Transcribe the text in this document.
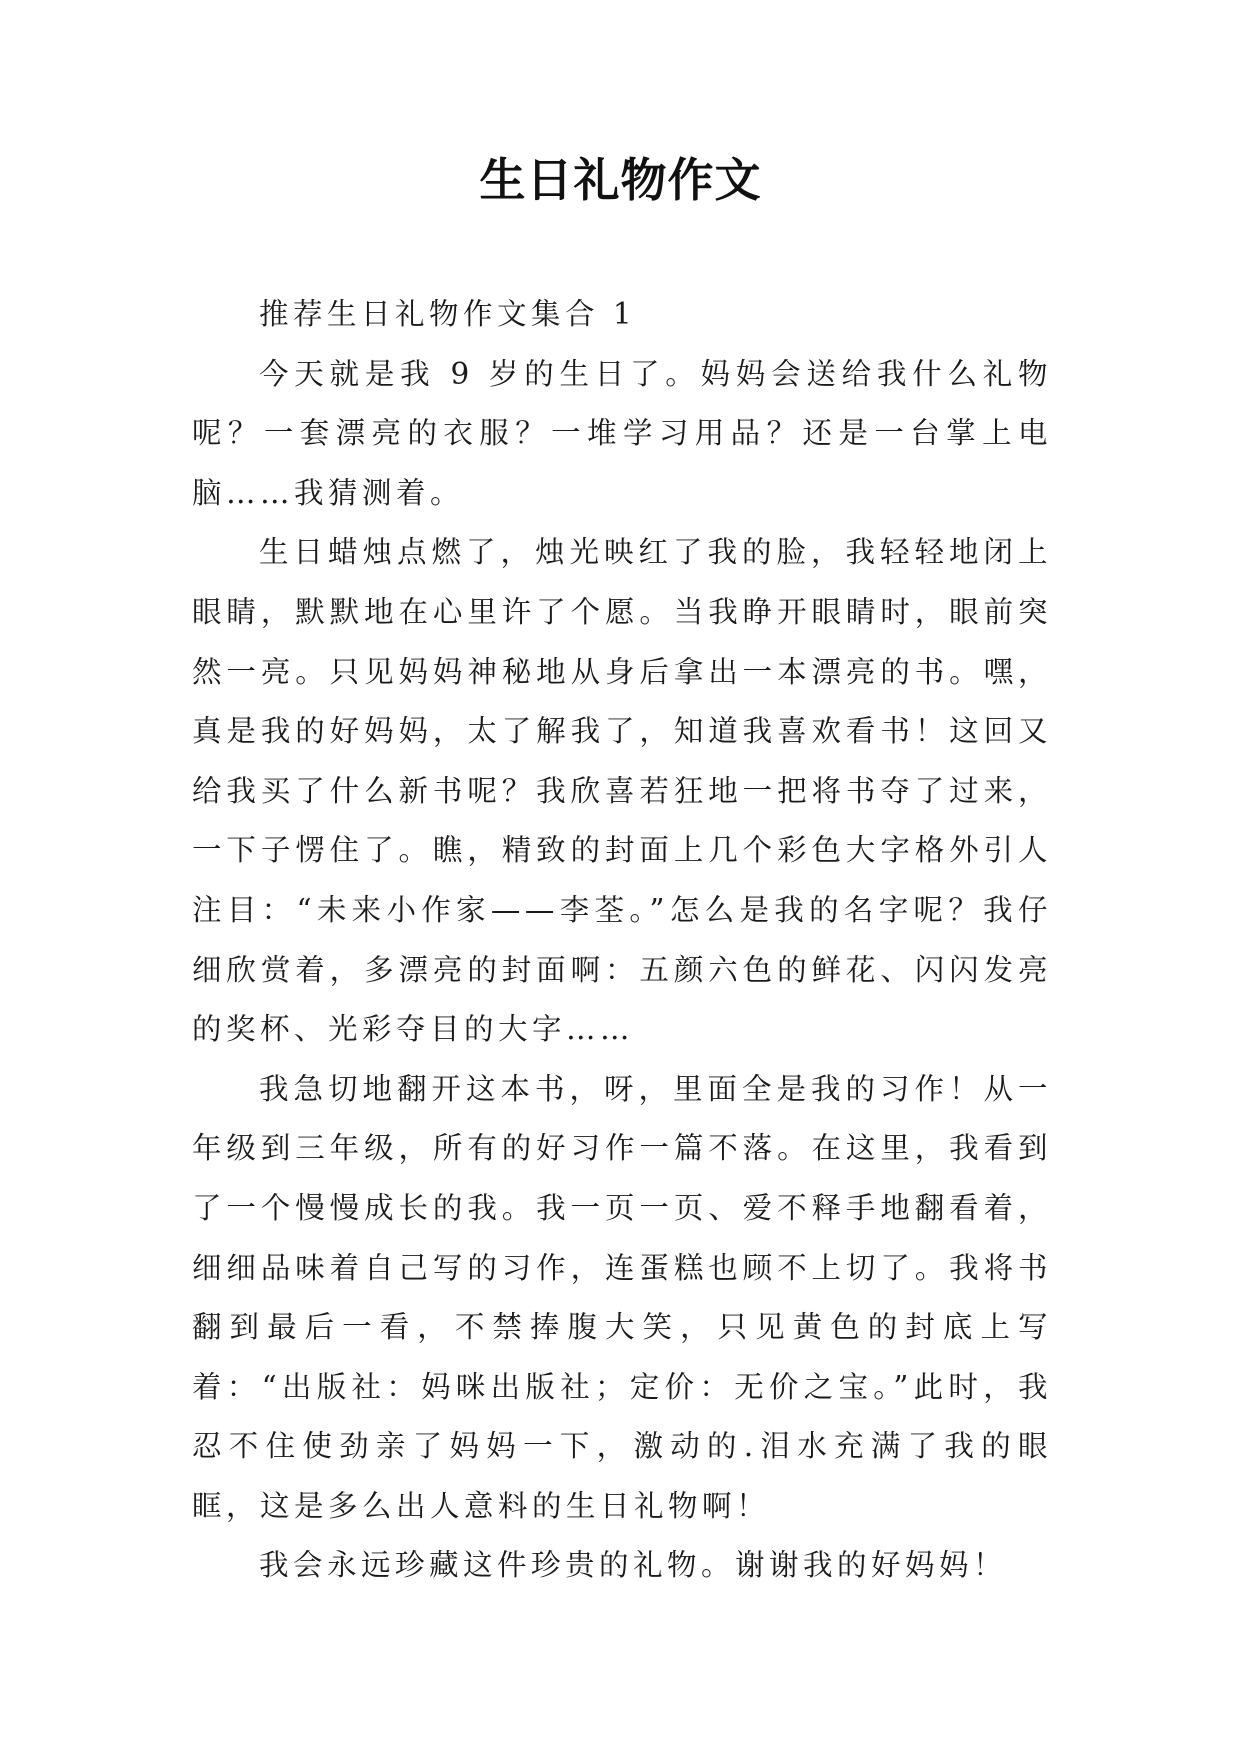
生日礼物作文

推荐生日礼物作文集合 1

今天就是我 9 岁的生日了。妈妈会送给我什么礼物呢？一套漂亮的衣服？一堆学习用品？还是一台掌上电脑……我猜测着。

生日蜡烛点燃了，烛光映红了我的脸，我轻轻地闭上眼睛，默默地在心里许了个愿。当我睁开眼睛时，眼前突然一亮。只见妈妈神秘地从身后拿出一本漂亮的书。嘿，真是我的好妈妈，太了解我了，知道我喜欢看书！这回又给我买了什么新书呢？我欣喜若狂地一把将书夺了过来，一下子愣住了。瞧，精致的封面上几个彩色大字格外引人注目：“未来小作家——李荃。”怎么是我的名字呢？我仔细欣赏着，多漂亮的封面啊：五颜六色的鲜花、闪闪发亮的奖杯、光彩夺目的大字……

我急切地翻开这本书，呀，里面全是我的习作！从一年级到三年级，所有的好习作一篇不落。在这里，我看到了一个慢慢成长的我。我一页一页、爱不释手地翻看着，细细品味着自己写的习作，连蛋糕也顾不上切了。我将书翻到最后一看，不禁捧腹大笑，只见黄色的封底上写着：“出版社：妈咪出版社；定价：无价之宝。”此时，我忍不住使劲亲了妈妈一下，激动的.泪水充满了我的眼眶，这是多么出人意料的生日礼物啊！

我会永远珍藏这件珍贵的礼物。谢谢我的好妈妈！
